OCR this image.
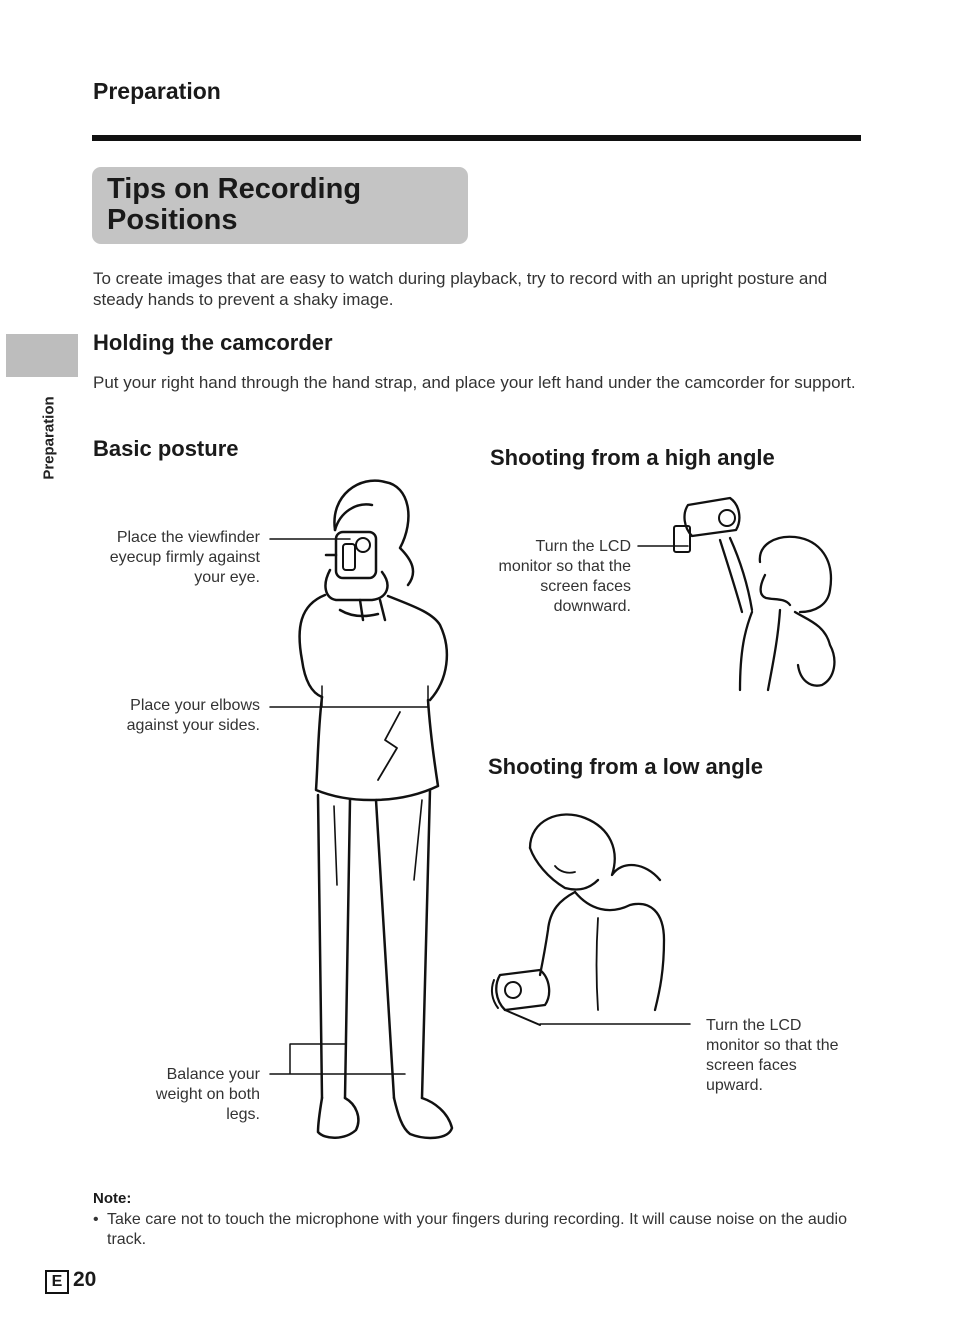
Preparation
Tips on Recording Positions
To create images that are easy to watch during playback, try to record with an upright posture and steady hands to prevent a shaky image.
Preparation
Holding the camcorder
Put your right hand through the hand strap, and place your left hand under the camcorder for support.
Basic posture	Shooting from a high angle
Shooting from a low angle
Place the viewfinder eyecup firmly against your eye.
Place your elbows against your sides.
Balance your weight on both legs.
Turn the LCD monitor so that the screen faces downward.
Turn the LCD monitor so that the screen faces upward.
Note:
• Take care not to touch the microphone with your fingers during recording. It will cause noise on the audio track.
E 20
